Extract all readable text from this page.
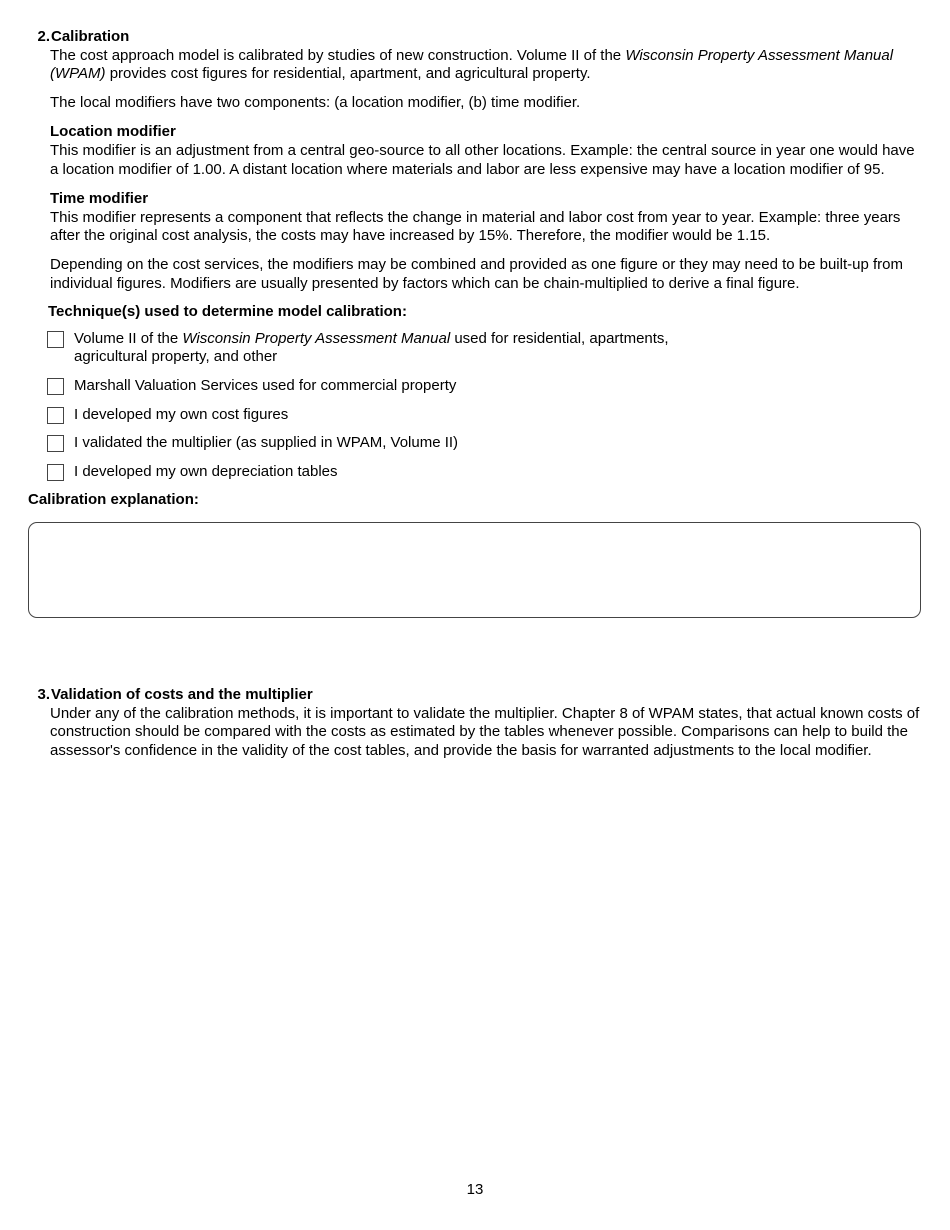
2. Calibration

The cost approach model is calibrated by studies of new construction. Volume II of the Wisconsin Property Assessment Manual (WPAM) provides cost figures for residential, apartment, and agricultural property.

The local modifiers have two components: (a location modifier, (b) time modifier.

Location modifier

This modifier is an adjustment from a central geo-source to all other locations. Example: the central source in year one would have a location modifier of 1.00. A distant location where materials and labor are less expensive may have a location modifier of 95.

Time modifier

This modifier represents a component that reflects the change in material and labor cost from year to year. Example: three years after the original cost analysis, the costs may have increased by 15%. Therefore, the modifier would be 1.15.

Depending on the cost services, the modifiers may be combined and provided as one figure or they may need to be built-up from individual figures. Modifiers are usually presented by factors which can be chain-multiplied to derive a final figure.

Technique(s) used to determine model calibration:
Volume II of the Wisconsin Property Assessment Manual used for residential, apartments, agricultural property, and other
Marshall Valuation Services used for commercial property
I developed my own cost figures
I validated the multiplier (as supplied in WPAM, Volume II)
I developed my own depreciation tables
Calibration explanation:
3. Validation of costs and the multiplier

Under any of the calibration methods, it is important to validate the multiplier. Chapter 8 of WPAM states, that actual known costs of construction should be compared with the costs as estimated by the tables whenever possible. Comparisons can help to build the assessor's confidence in the validity of the cost tables, and provide the basis for warranted adjustments to the local modifier.

13
